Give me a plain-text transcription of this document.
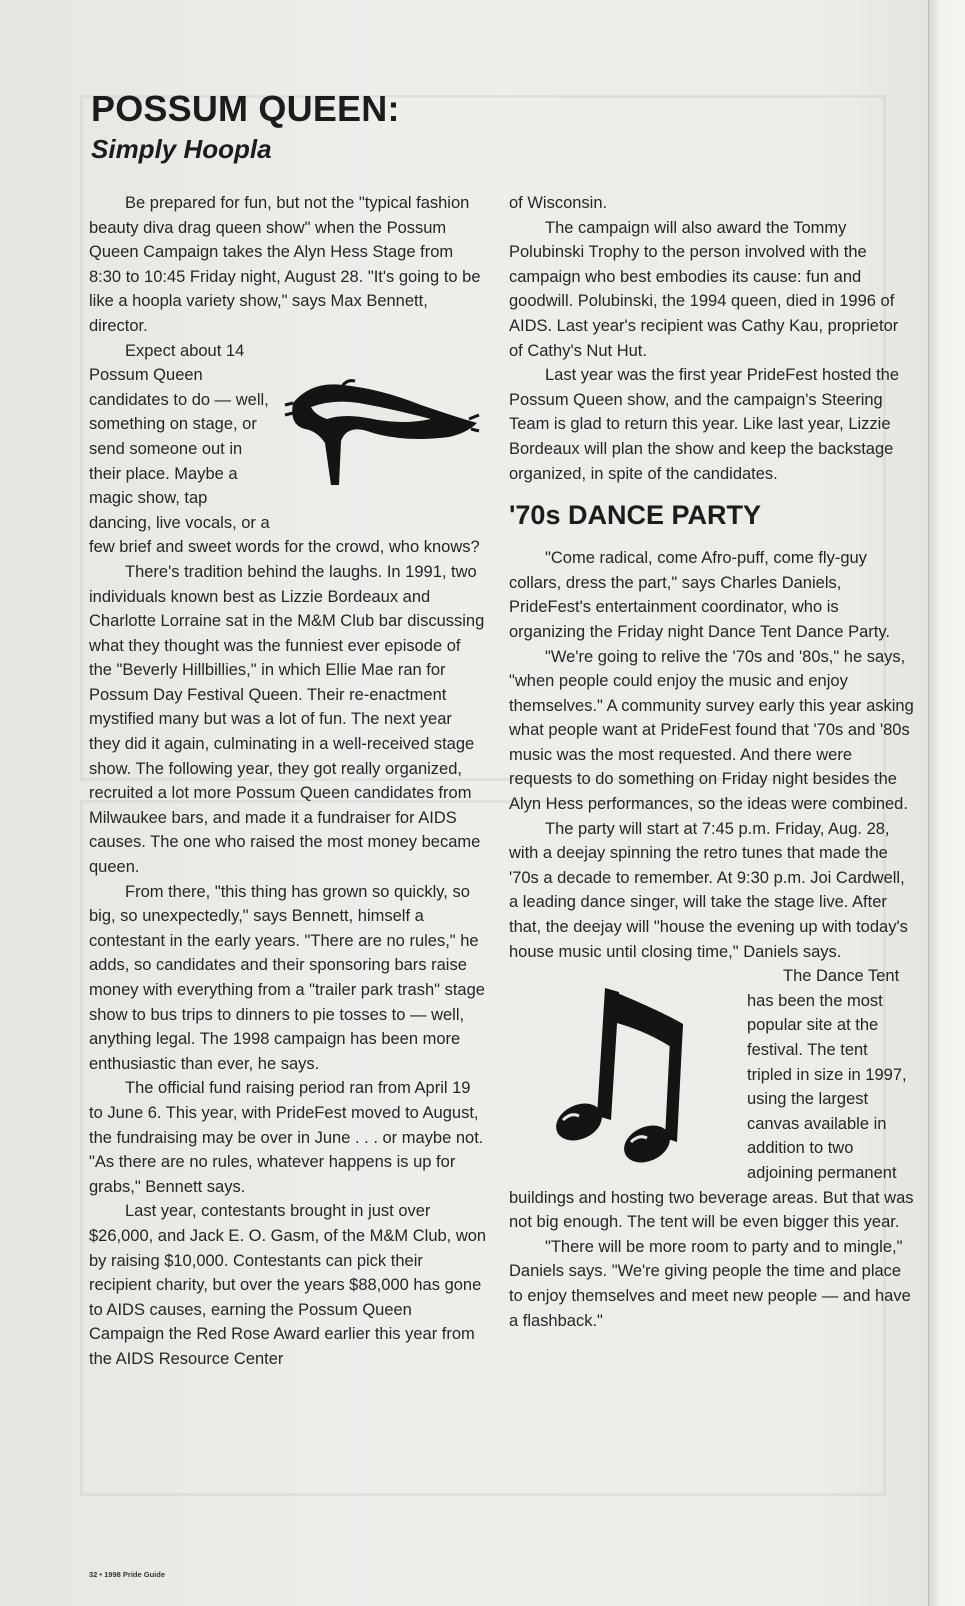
POSSUM QUEEN:
Simply Hoopla

Be prepared for fun, but not the "typical fashion beauty diva drag queen show" when the Possum Queen Campaign takes the Alyn Hess Stage from 8:30 to 10:45 Friday night, August 28. "It's going to be like a hoopla variety show," says Max Bennett, director.

Expect about 14 Possum Queen candidates to do — well, something on stage, or send someone out in their place. Maybe a magic show, tap dancing, live vocals, or a few brief and sweet words for the crowd, who knows?

There's tradition behind the laughs. In 1991, two individuals known best as Lizzie Bordeaux and Charlotte Lorraine sat in the M&M Club bar discussing what they thought was the funniest ever episode of the "Beverly Hillbillies," in which Ellie Mae ran for Possum Day Festival Queen. Their re-enactment mystified many but was a lot of fun. The next year they did it again, culminating in a well-received stage show. The following year, they got really organized, recruited a lot more Possum Queen candidates from Milwaukee bars, and made it a fundraiser for AIDS causes. The one who raised the most money became queen.

From there, "this thing has grown so quickly, so big, so unexpectedly," says Bennett, himself a contestant in the early years. "There are no rules," he adds, so candidates and their sponsoring bars raise money with everything from a "trailer park trash" stage show to bus trips to dinners to pie tosses to — well, anything legal. The 1998 campaign has been more enthusiastic than ever, he says.

The official fund raising period ran from April 19 to June 6. This year, with PrideFest moved to August, the fundraising may be over in June . . . or maybe not. "As there are no rules, whatever happens is up for grabs," Bennett says.

Last year, contestants brought in just over $26,000, and Jack E. O. Gasm, of the M&M Club, won by raising $10,000. Contestants can pick their recipient charity, but over the years $88,000 has gone to AIDS causes, earning the Possum Queen Campaign the Red Rose Award earlier this year from the AIDS Resource Center

of Wisconsin.

The campaign will also award the Tommy Polubinski Trophy to the person involved with the campaign who best embodies its cause: fun and goodwill. Polubinski, the 1994 queen, died in 1996 of AIDS. Last year's recipient was Cathy Kau, proprietor of Cathy's Nut Hut.

Last year was the first year PrideFest hosted the Possum Queen show, and the campaign's Steering Team is glad to return this year. Like last year, Lizzie Bordeaux will plan the show and keep the backstage organized, in spite of the candidates.

'70s DANCE PARTY

"Come radical, come Afro-puff, come fly-guy collars, dress the part," says Charles Daniels, PrideFest's entertainment coordinator, who is organizing the Friday night Dance Tent Dance Party.

"We're going to relive the '70s and '80s," he says, "when people could enjoy the music and enjoy themselves." A community survey early this year asking what people want at PrideFest found that '70s and '80s music was the most requested. And there were requests to do something on Friday night besides the Alyn Hess performances, so the ideas were combined.

The party will start at 7:45 p.m. Friday, Aug. 28, with a deejay spinning the retro tunes that made the '70s a decade to remember. At 9:30 p.m. Joi Cardwell, a leading dance singer, will take the stage live. After that, the deejay will "house the evening up with today's house music until closing time," Daniels says.

The Dance Tent has been the most popular site at the festival. The tent tripled in size in 1997, using the largest canvas available in addition to two adjoining permanent buildings and hosting two beverage areas. But that was not big enough. The tent will be even bigger this year.

"There will be more room to party and to mingle," Daniels says. "We're giving people the time and place to enjoy themselves and meet new people — and have a flashback."

32 • 1998 Pride Guide
